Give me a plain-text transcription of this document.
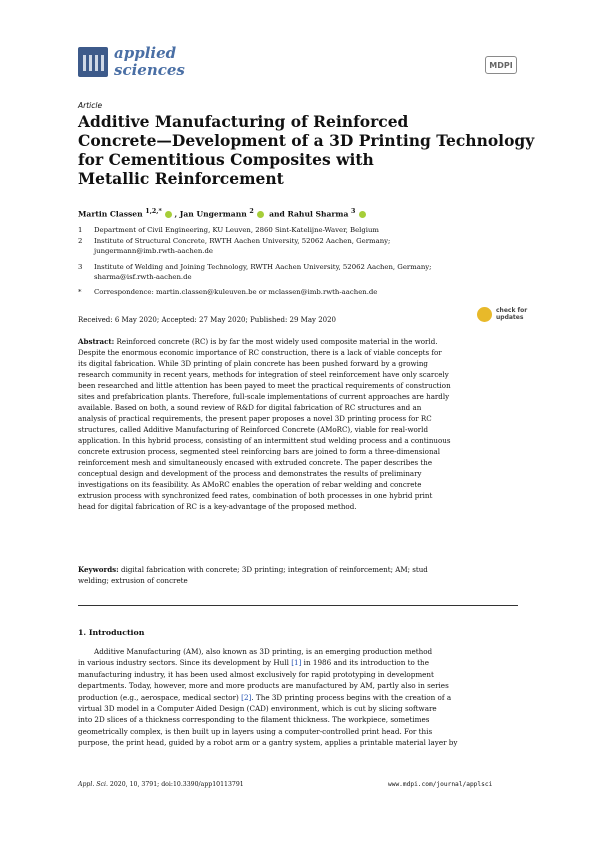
applied
sciences	MDPI
Article
Additive Manufacturing of Reinforced
Concrete—Development of a 3D Printing Technology
for Cementitious Composites with
Metallic Reinforcement
Martin Classen $^{1,2,*}$ , Jan Ungermann $^2$  and Rahul Sharma $^3$
1 Department of Civil Engineering, KU Leuven, 2860 Sint-Katelijne-Waver, Belgium
2 Institute of Structural Concrete, RWTH Aachen University, 52062 Aachen, Germany;
jungermann@imb.rwth-aachen.de
3 Institute of Welding and Joining Technology, RWTH Aachen University, 52062 Aachen, Germany;
sharma@isf.rwth-aachen.de
* Correspondence: martin.classen@kuleuven.be or mclassen@imb.rwth-aachen.de
check for
updates
Received: 6 May 2020; Accepted: 27 May 2020; Published: 29 May 2020
Abstract: Reinforced concrete (RC) is by far the most widely used composite material in the world.
Despite the enormous economic importance of RC construction, there is a lack of viable concepts for
its digital fabrication. While 3D printing of plain concrete has been pushed forward by a growing
research community in recent years, methods for integration of steel reinforcement have only scarcely
been researched and little attention has been payed to meet the practical requirements of construction
sites and prefabrication plants. Therefore, full-scale implementations of current approaches are hardly
available. Based on both, a sound review of R&D for digital fabrication of RC structures and an
analysis of practical requirements, the present paper proposes a novel 3D printing process for RC
structures, called Additive Manufacturing of Reinforced Concrete (AMoRC), viable for real-world
application. In this hybrid process, consisting of an intermittent stud welding process and a continuous
concrete extrusion process, segmented steel reinforcing bars are joined to form a three-dimensional
reinforcement mesh and simultaneously encased with extruded concrete. The paper describes the
conceptual design and development of the process and demonstrates the results of preliminary
investigations on its feasibility. As AMoRC enables the operation of rebar welding and concrete
extrusion process with synchronized feed rates, combination of both processes in one hybrid print
head for digital fabrication of RC is a key-advantage of the proposed method.
Keywords: digital fabrication with concrete; 3D printing; integration of reinforcement; AM; stud
welding; extrusion of concrete
1. Introduction
Additive Manufacturing (AM), also known as 3D printing, is an emerging production method
in various industry sectors. Since its development by Hull [1] in 1986 and its introduction to the
manufacturing industry, it has been used almost exclusively for rapid prototyping in development
departments. Today, however, more and more products are manufactured by AM, partly also in series
production (e.g., aerospace, medical sector) [2]. The 3D printing process begins with the creation of a
virtual 3D model in a Computer Aided Design (CAD) environment, which is cut by slicing software
into 2D slices of a thickness corresponding to the filament thickness. The workpiece, sometimes
geometrically complex, is then built up in layers using a computer-controlled print head. For this
purpose, the print head, guided by a robot arm or a gantry system, applies a printable material layer by
Appl. Sci. 2020, 10, 3791; doi:10.3390/app10113791	www.mdpi.com/journal/applsci
